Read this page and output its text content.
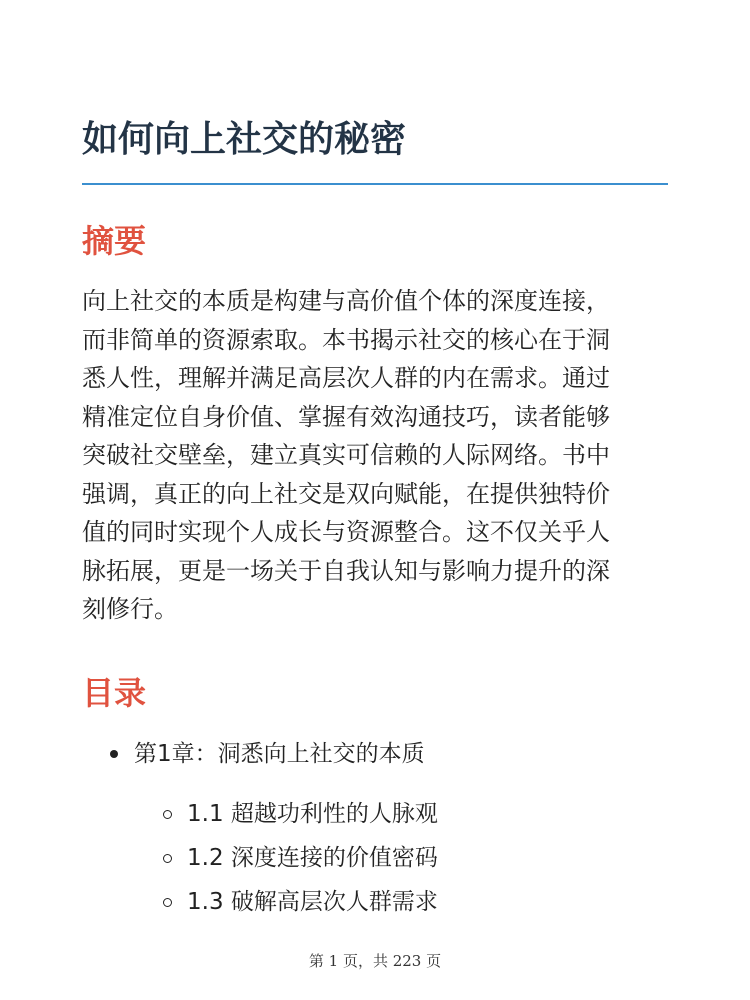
如何向上社交的秘密
摘要

向上社交的本质是构建与高价值个体的深度连接，
而非简单的资源索取。本书揭示社交的核心在于洞
悉人性，理解并满足高层次人群的内在需求。通过
精准定位自身价值、掌握有效沟通技巧，读者能够
突破社交壁垒，建立真实可信赖的人际网络。书中
强调，真正的向上社交是双向赋能，在提供独特价
值的同时实现个人成长与资源整合。这不仅关乎人
脉拓展，更是一场关于自我认知与影响力提升的深
刻修行。

目录
第1章：洞悉向上社交的本质
1.1 超越功利性的人脉观
1.2 深度连接的价值密码
1.3 破解高层次人群需求
第 1 页，共 223 页
